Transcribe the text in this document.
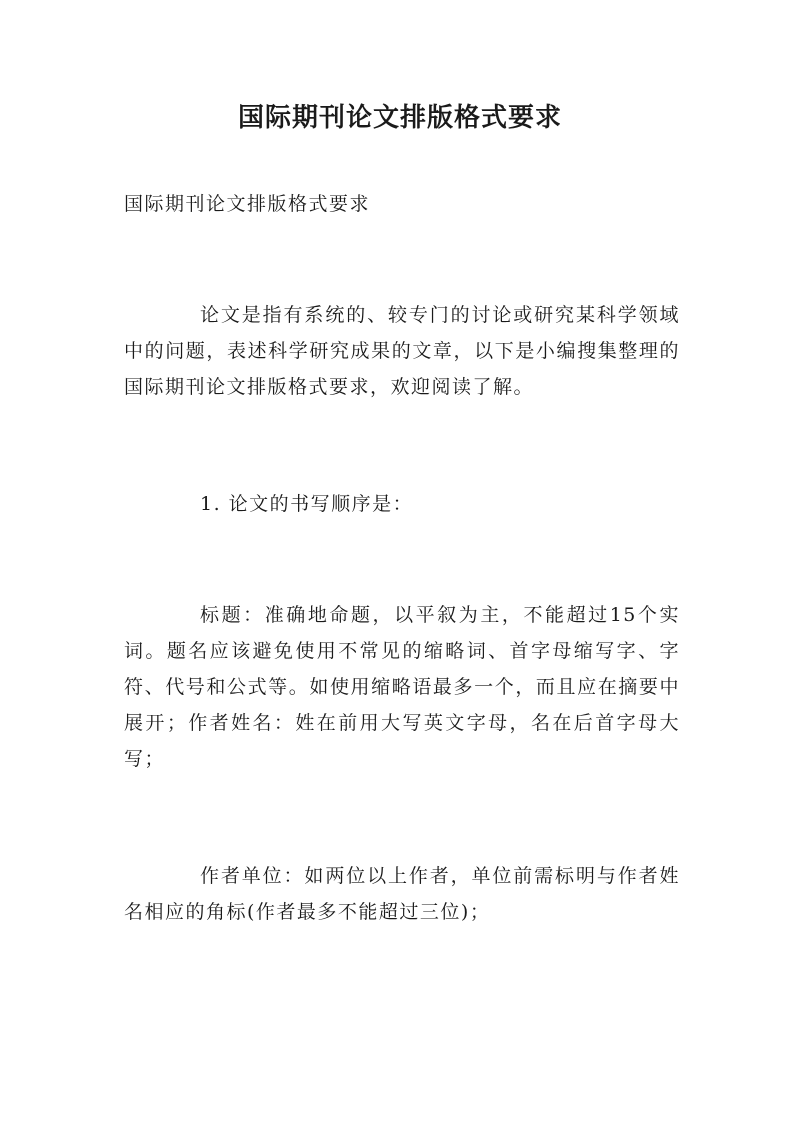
国际期刊论文排版格式要求

国际期刊论文排版格式要求

论文是指有系统的、较专门的讨论或研究某科学领域中的问题，表述科学研究成果的文章，以下是小编搜集整理的国际期刊论文排版格式要求，欢迎阅读了解。

1. 论文的书写顺序是：

标题：准确地命题，以平叙为主，不能超过15个实词。题名应该避免使用不常见的缩略词、首字母缩写字、字符、代号和公式等。如使用缩略语最多一个，而且应在摘要中展开；作者姓名：姓在前用大写英文字母，名在后首字母大写；

作者单位：如两位以上作者，单位前需标明与作者姓名相应的角标(作者最多不能超过三位)；
